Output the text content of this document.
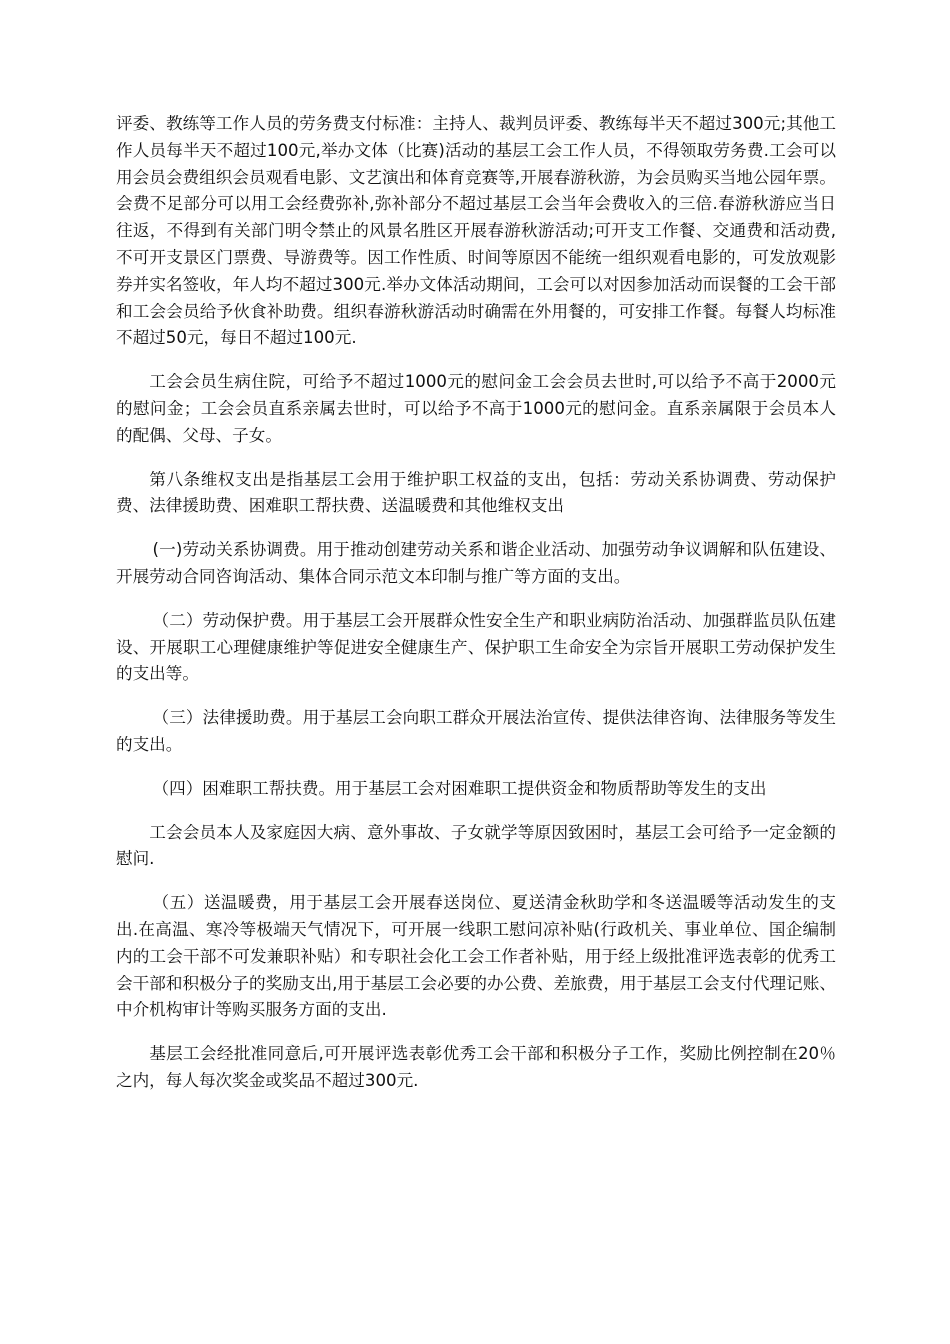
评委、教练等工作人员的劳务费支付标准：主持人、裁判员评委、教练每半天不超过300元;其他工作人员每半天不超过100元,举办文体（比赛)活动的基层工会工作人员，不得领取劳务费.工会可以用会员会费组织会员观看电影、文艺演出和体育竞赛等,开展春游秋游，为会员购买当地公园年票。会费不足部分可以用工会经费弥补,弥补部分不超过基层工会当年会费收入的三倍.春游秋游应当日往返，不得到有关部门明令禁止的风景名胜区开展春游秋游活动;可开支工作餐、交通费和活动费,不可开支景区门票费、导游费等。因工作性质、时间等原因不能统一组织观看电影的，可发放观影券并实名签收，年人均不超过300元.举办文体活动期间，工会可以对因参加活动而误餐的工会干部和工会会员给予伙食补助费。组织春游秋游活动时确需在外用餐的，可安排工作餐。每餐人均标准不超过50元，每日不超过100元.

工会会员生病住院，可给予不超过1000元的慰问金工会会员去世时,可以给予不高于2000元的慰问金；工会会员直系亲属去世时，可以给予不高于1000元的慰问金。直系亲属限于会员本人的配偶、父母、子女。

第八条维权支出是指基层工会用于维护职工权益的支出，包括：劳动关系协调费、劳动保护费、法律援助费、困难职工帮扶费、送温暖费和其他维权支出

(一)劳动关系协调费。用于推动创建劳动关系和谐企业活动、加强劳动争议调解和队伍建设、开展劳动合同咨询活动、集体合同示范文本印制与推广等方面的支出。

（二）劳动保护费。用于基层工会开展群众性安全生产和职业病防治活动、加强群监员队伍建设、开展职工心理健康维护等促进安全健康生产、保护职工生命安全为宗旨开展职工劳动保护发生的支出等。

（三）法律援助费。用于基层工会向职工群众开展法治宣传、提供法律咨询、法律服务等发生的支出。

（四）困难职工帮扶费。用于基层工会对困难职工提供资金和物质帮助等发生的支出

工会会员本人及家庭因大病、意外事故、子女就学等原因致困时，基层工会可给予一定金额的慰问.

（五）送温暖费，用于基层工会开展春送岗位、夏送清金秋助学和冬送温暖等活动发生的支出.在高温、寒冷等极端天气情况下，可开展一线职工慰问凉补贴(行政机关、事业单位、国企编制内的工会干部不可发兼职补贴）和专职社会化工会工作者补贴，用于经上级批准评选表彰的优秀工会干部和积极分子的奖励支出,用于基层工会必要的办公费、差旅费，用于基层工会支付代理记账、中介机构审计等购买服务方面的支出.

基层工会经批准同意后,可开展评选表彰优秀工会干部和积极分子工作，奖励比例控制在20％之内，每人每次奖金或奖品不超过300元.
